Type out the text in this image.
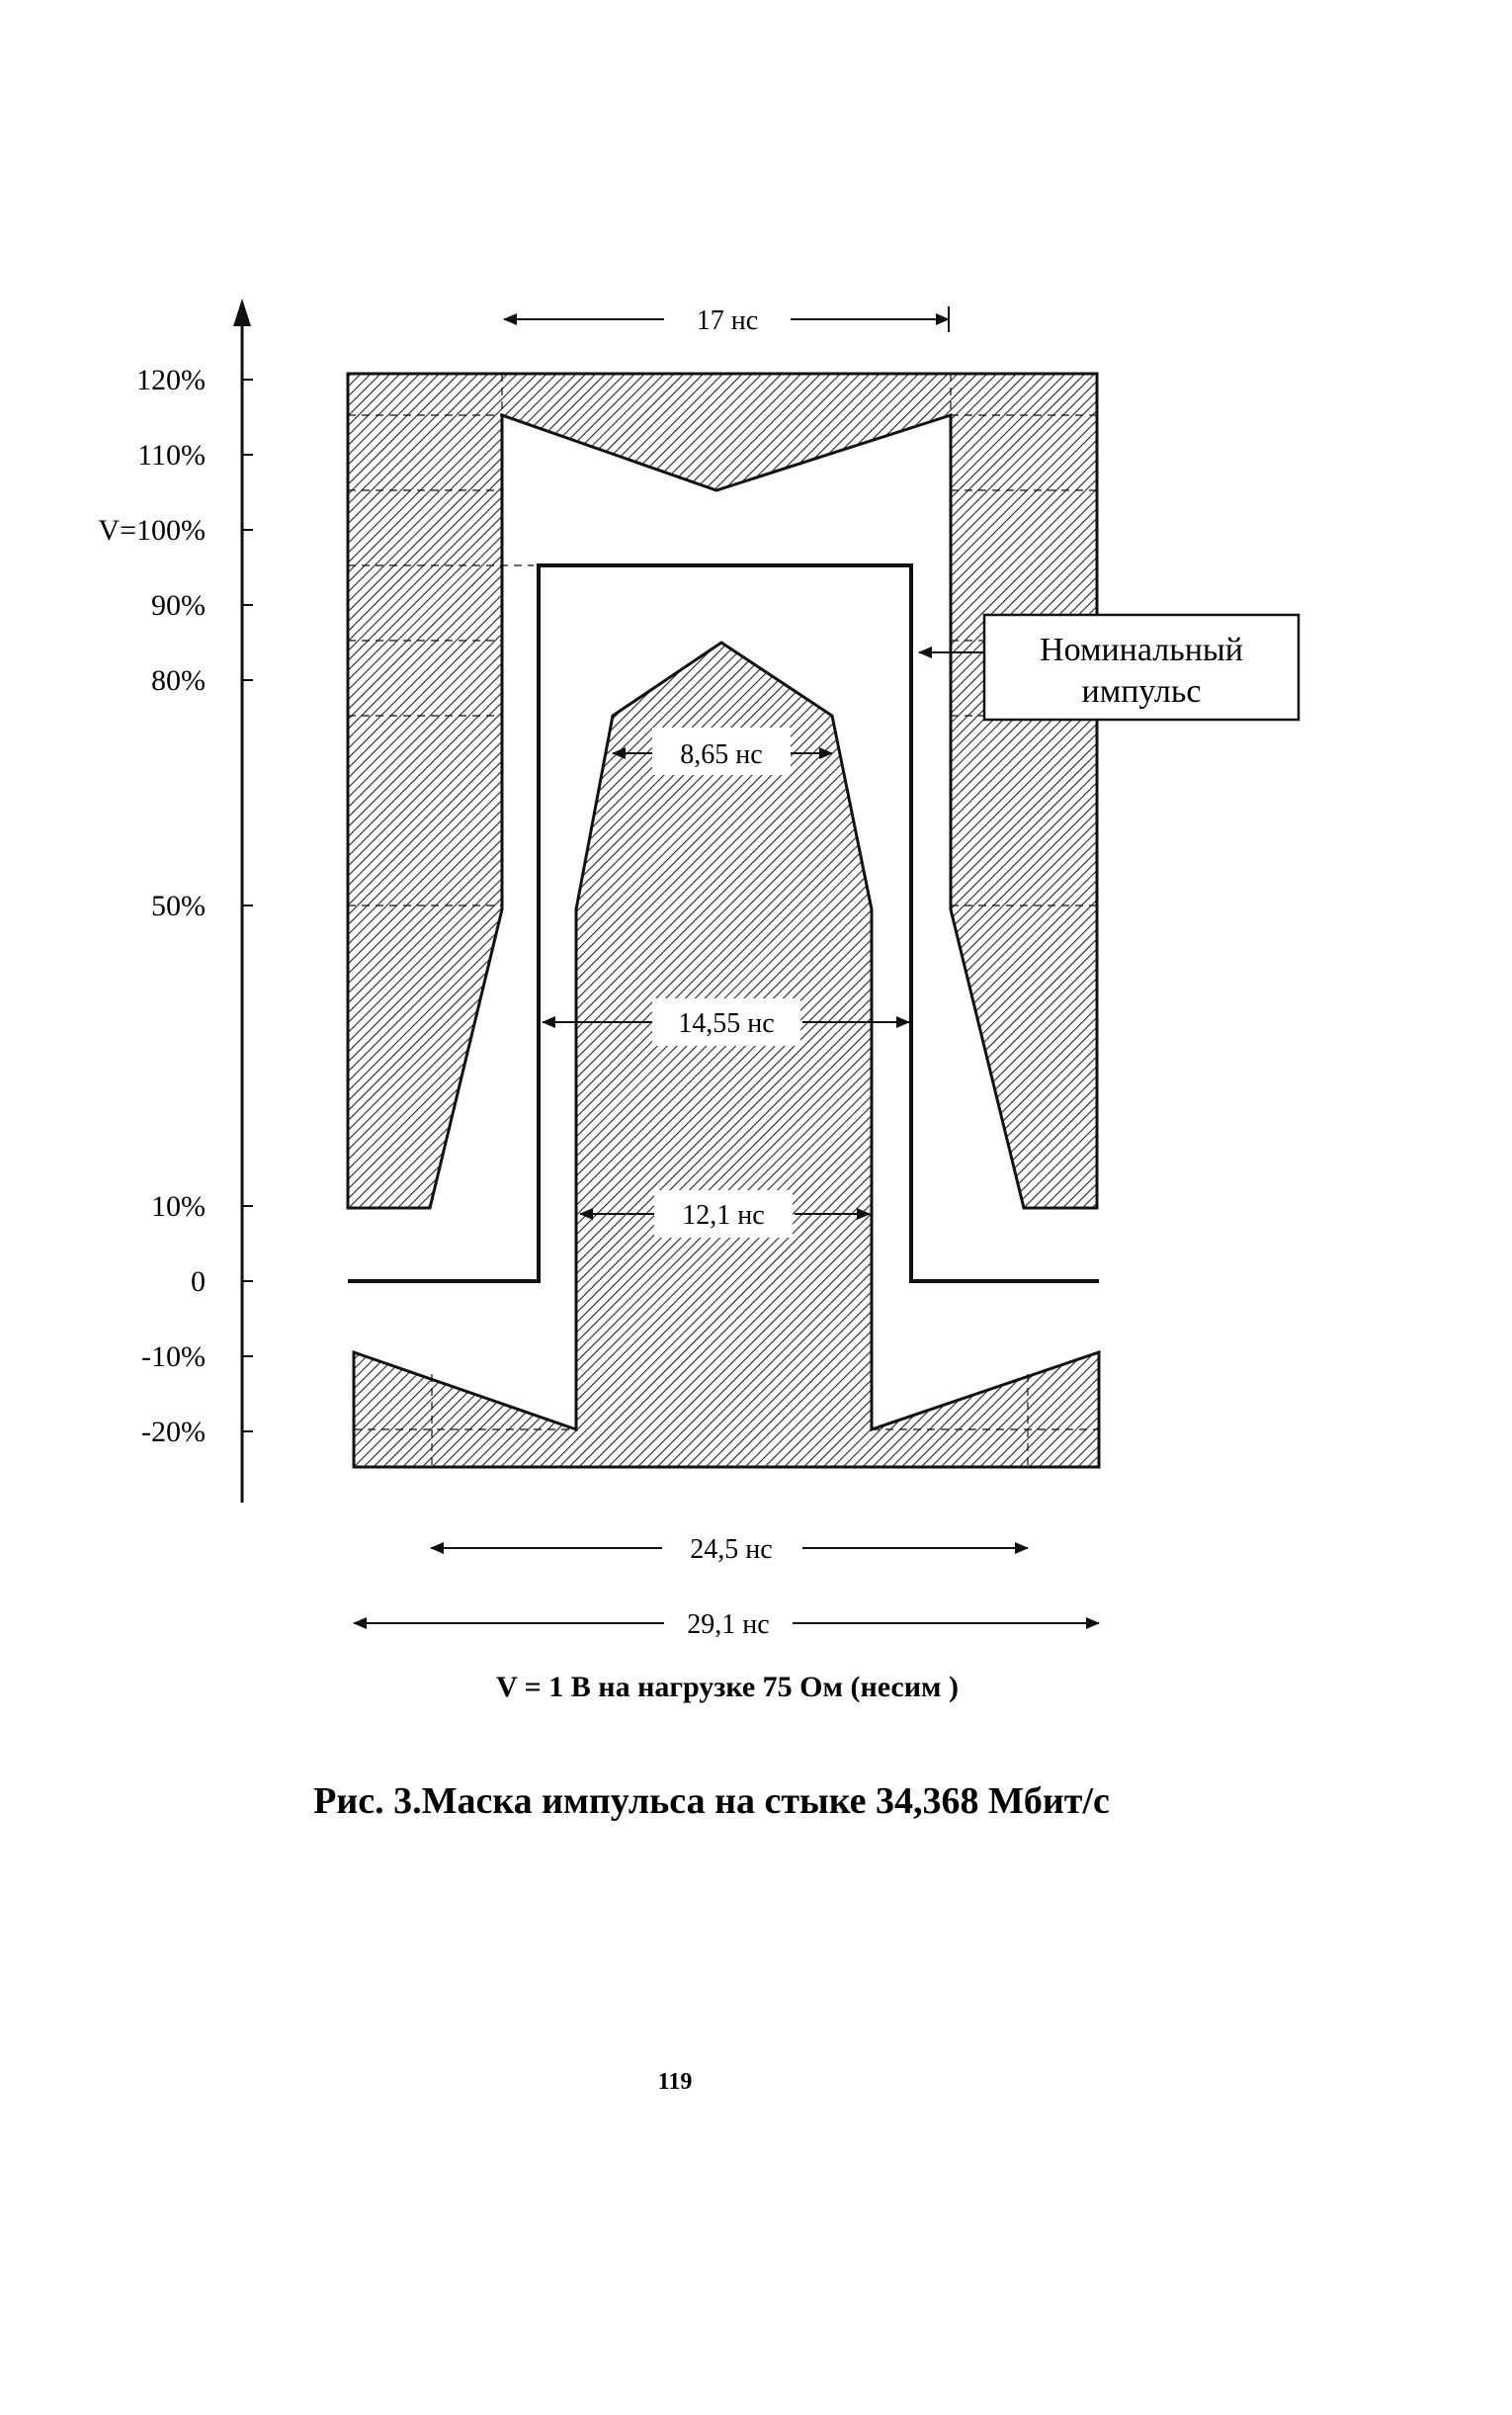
120%
110%
V=100%
90%
80%
50%
10%
0
-10%
-20%
17 нс
8,65 нс
14,55 нс
12,1 нс
24,5 нс
29,1 нс
Номинальный
импульс
V = 1 В на нагрузке 75 Ом (несим )
Рис. 3.Маска импульса на стыке 34,368 Мбит/с
119
